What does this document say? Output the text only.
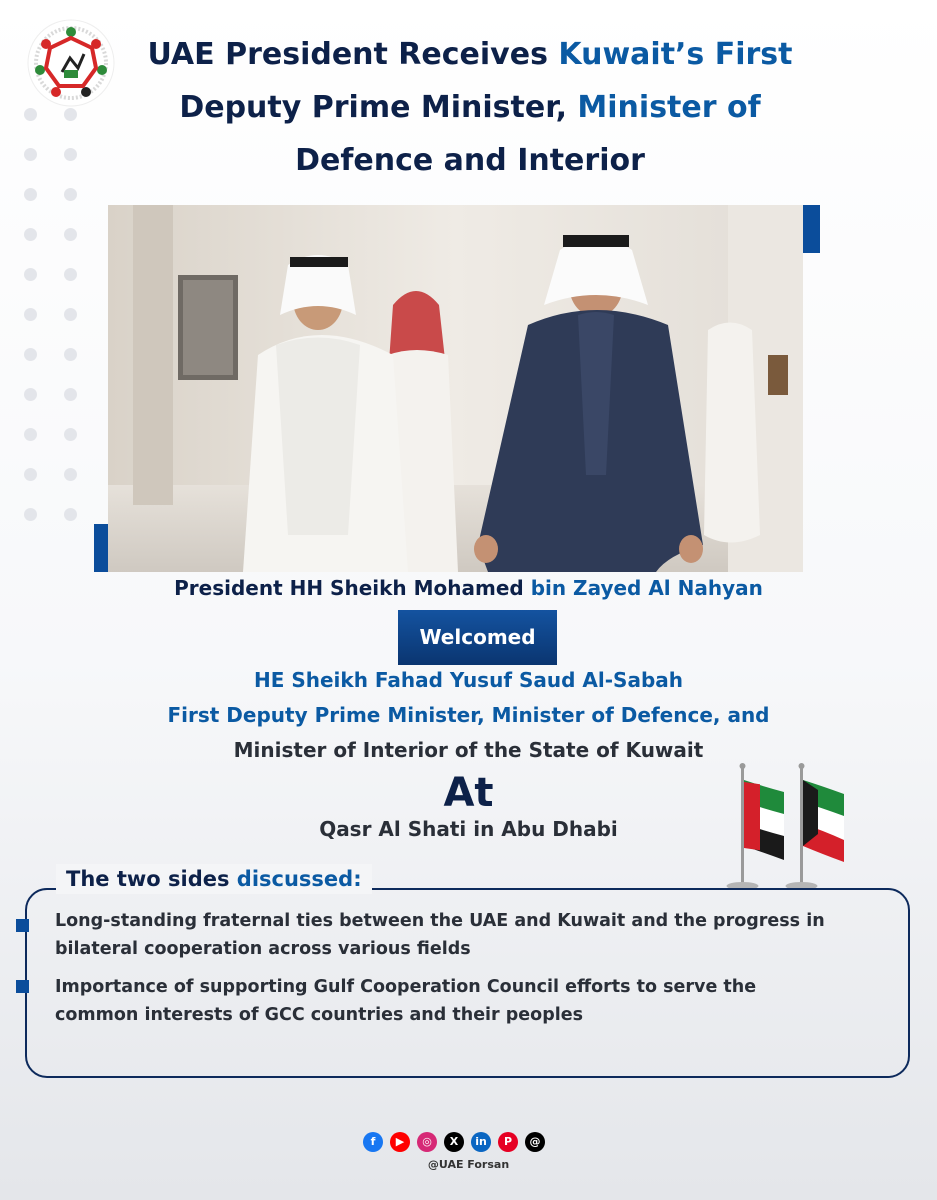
UAE President Receives Kuwait’s First
Deputy Prime Minister, Minister of
Defence and Interior
President HH Sheikh Mohamed bin Zayed Al Nahyan
Welcomed
HE Sheikh Fahad Yusuf Saud Al-Sabah
First Deputy Prime Minister, Minister of Defence, and
Minister of Interior of the State of Kuwait
At
Qasr Al Shati in Abu Dhabi
The two sides discussed:
Long-standing fraternal ties between the UAE and Kuwait and the progress in bilateral cooperation across various fields
Importance of supporting Gulf Cooperation Council efforts to serve the common interests of GCC countries and their peoples
f	▶	◎	X	in	P	@
@UAE Forsan
